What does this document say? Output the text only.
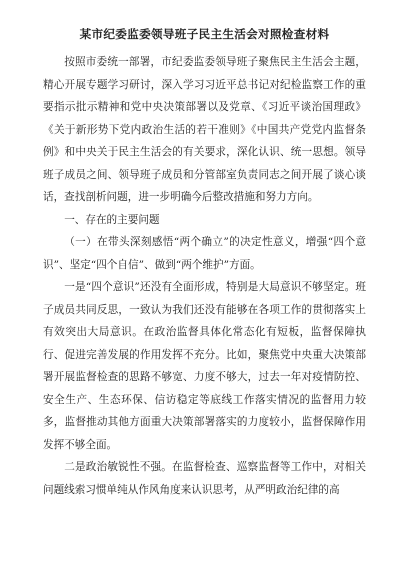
某市纪委监委领导班子民主生活会对照检查材料

按照市委统一部署，市纪委监委领导班子聚焦民主生活会主题，精心开展专题学习研讨，深入学习习近平总书记对纪检监察工作的重要指示批示精神和党中央决策部署以及党章、《习近平谈治国理政》《关于新形势下党内政治生活的若干准则》《中国共产党党内监督条例》和中央关于民主生活会的有关要求，深化认识、统一思想。领导班子成员之间、领导班子成员和分管部室负责同志之间开展了谈心谈话，查找剖析问题，进一步明确今后整改措施和努力方向。

一、存在的主要问题

（一）在带头深刻感悟“两个确立”的决定性意义，增强“四个意识”、坚定“四个自信”、做到“两个维护”方面。

一是“四个意识”还没有全面形成，特别是大局意识不够坚定。班子成员共同反思，一致认为我们还没有能够在各项工作的贯彻落实上有效突出大局意识。在政治监督具体化常态化有短板，监督保障执行、促进完善发展的作用发挥不充分。比如，聚焦党中央重大决策部署开展监督检查的思路不够宽、力度不够大，过去一年对疫情防控、安全生产、生态环保、信访稳定等底线工作落实情况的监督用力较多，监督推动其他方面重大决策部署落实的力度较小，监督保障作用发挥不够全面。

二是政治敏锐性不强。在监督检查、巡察监督等工作中，对相关问题线索习惯单纯从作风角度来认识思考，从严明政治纪律的高
